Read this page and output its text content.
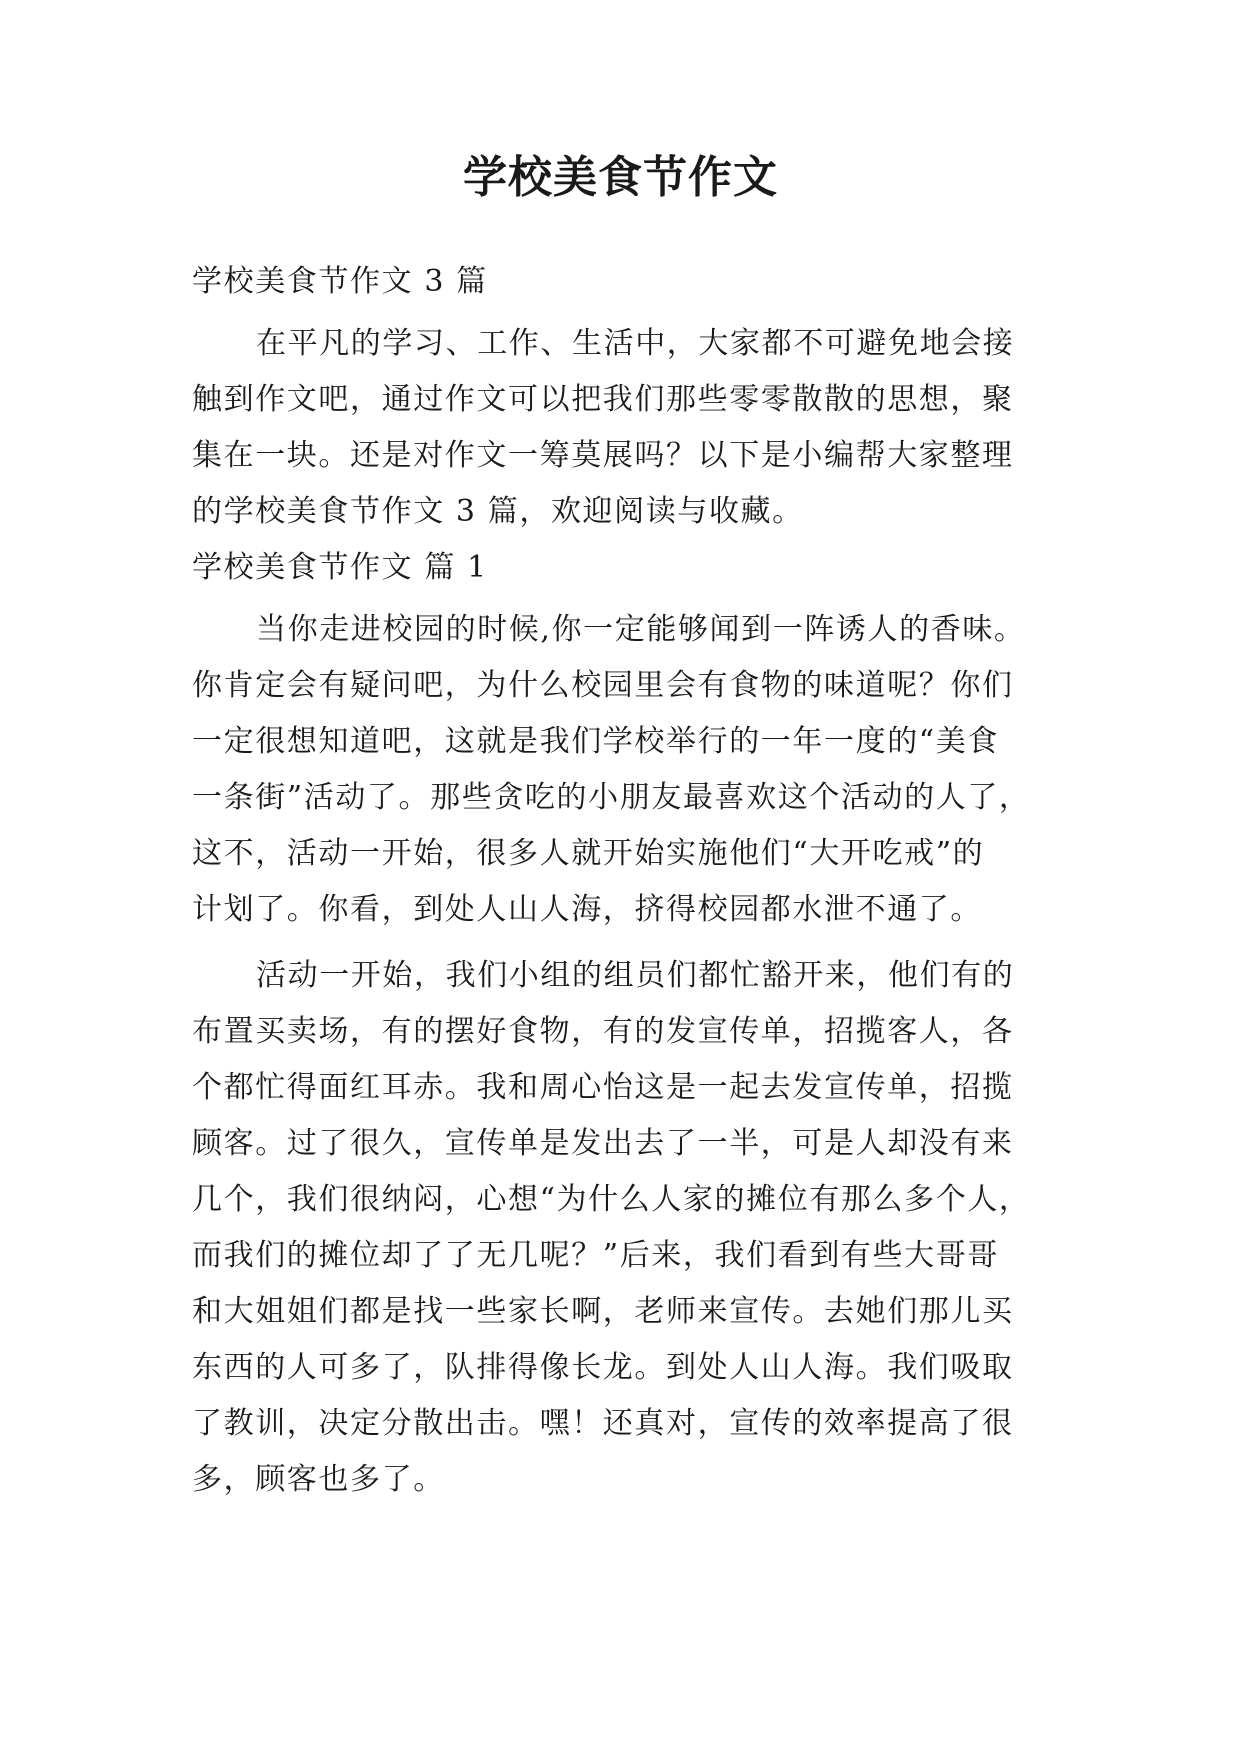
学校美食节作文

学校美食节作文 3 篇

在平凡的学习、工作、生活中，大家都不可避免地会接

触到作文吧，通过作文可以把我们那些零零散散的思想，聚

集在一块。还是对作文一筹莫展吗？以下是小编帮大家整理

的学校美食节作文 3 篇，欢迎阅读与收藏。

学校美食节作文 篇 1

当你走进校园的时候,你一定能够闻到一阵诱人的香味。

你肯定会有疑问吧，为什么校园里会有食物的味道呢？你们

一定很想知道吧，这就是我们学校举行的一年一度的“美食

一条街”活动了。那些贪吃的小朋友最喜欢这个活动的人了，

这不，活动一开始，很多人就开始实施他们“大开吃戒”的

计划了。你看，到处人山人海，挤得校园都水泄不通了。

活动一开始，我们小组的组员们都忙豁开来，他们有的

布置买卖场，有的摆好食物，有的发宣传单，招揽客人，各

个都忙得面红耳赤。我和周心怡这是一起去发宣传单，招揽

顾客。过了很久，宣传单是发出去了一半，可是人却没有来

几个，我们很纳闷，心想“为什么人家的摊位有那么多个人，

而我们的摊位却了了无几呢？”后来，我们看到有些大哥哥

和大姐姐们都是找一些家长啊，老师来宣传。去她们那儿买

东西的人可多了，队排得像长龙。到处人山人海。我们吸取

了教训，决定分散出击。嘿！还真对，宣传的效率提高了很

多，顾客也多了。
